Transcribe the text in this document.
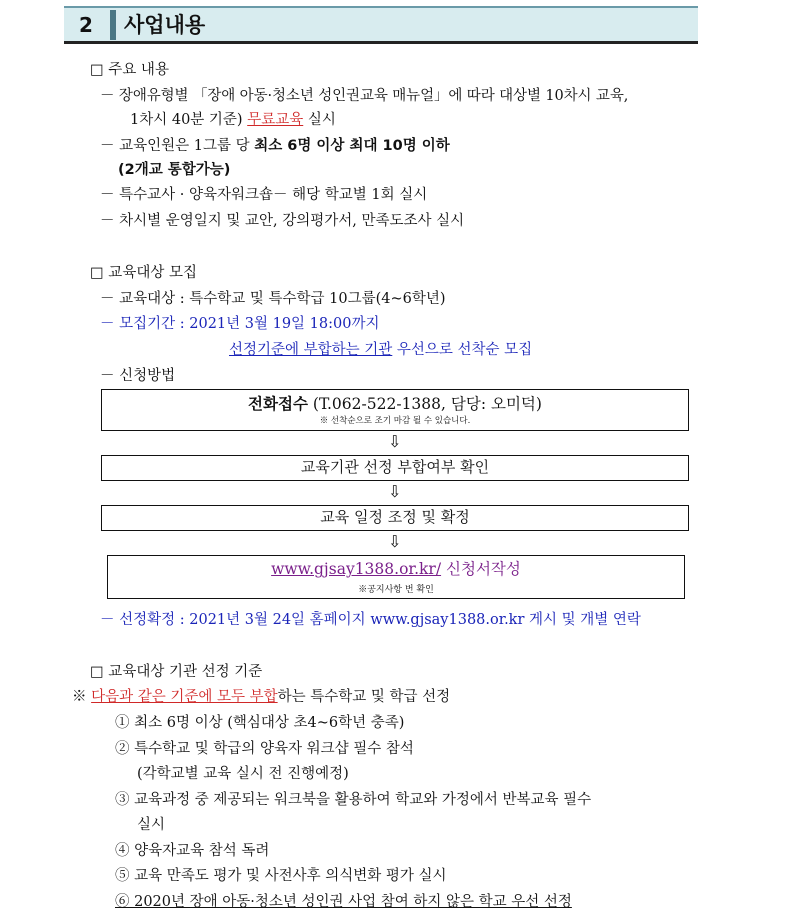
2	사업내용
□ 주요 내용
－ 장애유형별 「장애 아동·청소년 성인권교육 매뉴얼」에 따라 대상별 10차시 교육,
1차시 40분 기준) 무료교육 실시
－ 교육인원은 1그룹 당 최소 6명 이상 최대 10명 이하
(2개교 통합가능)
－ 특수교사 · 양육자워크숍－ 해당 학교별 1회 실시
－ 차시별 운영일지 및 교안, 강의평가서, 만족도조사 실시
□ 교육대상 모집
－ 교육대상 : 특수학교 및 특수학급 10그룹(4~6학년)
－ 모집기간 : 2021년 3월 19일 18:00까지
선정기준에 부합하는 기관 우선으로 선착순 모집
－ 신청방법
전화접수 (T.062-522-1388, 담당: 오미덕)
※ 선착순으로 조기 마감 될 수 있습니다.
⇩
교육기관 선정 부합여부 확인
⇩
교육 일정 조정 및 확정
⇩
www.gjsay1388.or.kr/ 신청서작성
※공지사항 번 확인
－ 선정확정 : 2021년 3월 24일 홈페이지 www.gjsay1388.or.kr 게시 및 개별 연락
□ 교육대상 기관 선정 기준
※ 다음과 같은 기준에 모두 부합하는 특수학교 및 학급 선정
① 최소 6명 이상 (핵심대상 초4~6학년 충족)
② 특수학교 및 학급의 양육자 워크샵 필수 참석
(각학교별 교육 실시 전 진행예정)
③ 교육과정 중 제공되는 워크북을 활용하여 학교와 가정에서 반복교육 필수
실시
④ 양육자교육 참석 독려
⑤ 교육 만족도 평가 및 사전사후 의식변화 평가 실시
⑥ 2020년 장애 아동·청소년 성인권 사업 참여 하지 않은 학교 우선 선정
